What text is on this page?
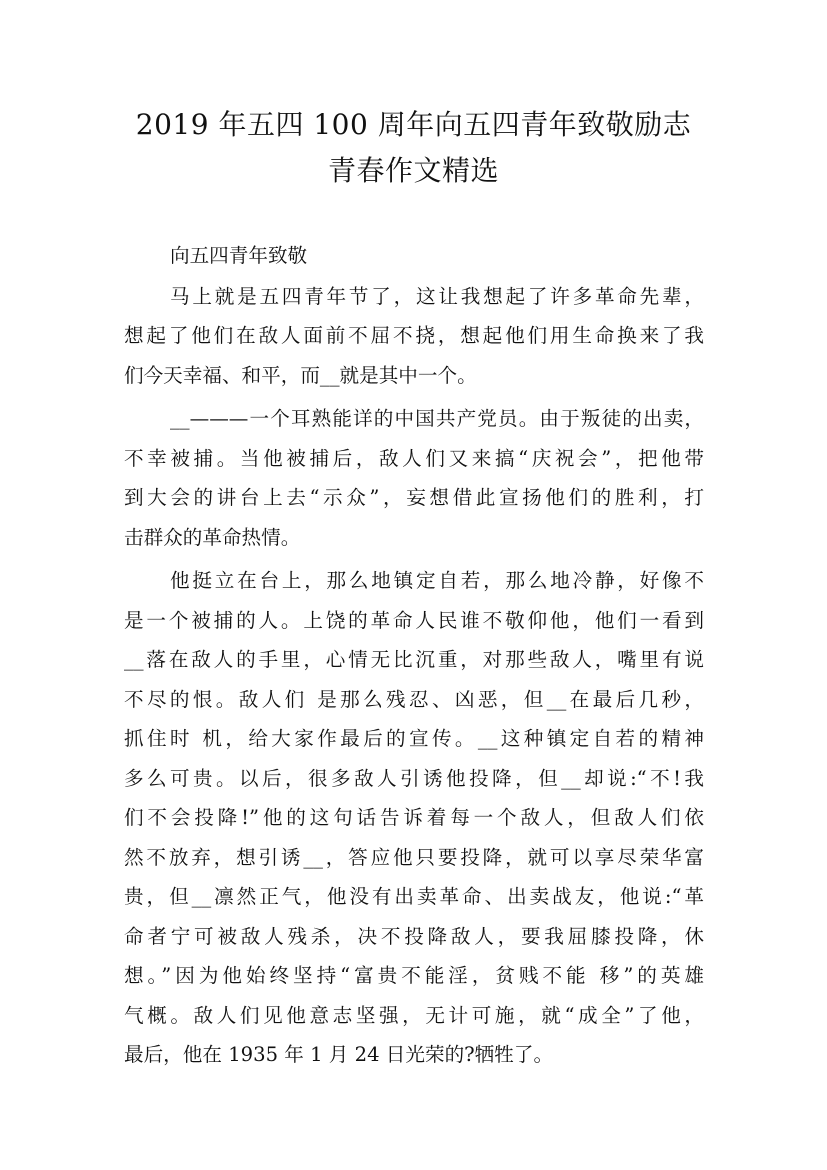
2019 年五四 100 周年向五四青年致敬励志
青春作文精选
向五四青年致敬
马上就是五四青年节了，这让我想起了许多革命先辈，
想起了他们在敌人面前不屈不挠，想起他们用生命换来了我
们今天幸福、和平，而__就是其中一个。
__———一个耳熟能详的中国共产党员。由于叛徒的出卖，
不幸被捕。当他被捕后，敌人们又来搞“庆祝会”，把他带
到大会的讲台上去“示众”，妄想借此宣扬他们的胜利，打
击群众的革命热情。
他挺立在台上，那么地镇定自若，那么地冷静，好像不
是一个被捕的人。上饶的革命人民谁不敬仰他，他们一看到
__落在敌人的手里，心情无比沉重，对那些敌人，嘴里有说
不尽的恨。敌人们 是那么残忍、凶恶，但__在最后几秒，
抓住时 机，给大家作最后的宣传。__这种镇定自若的精神
多么可贵。以后，很多敌人引诱他投降，但__却说:“不!我
们不会投降!”他的这句话告诉着每一个敌人，但敌人们依
然不放弃，想引诱__，答应他只要投降，就可以享尽荣华富
贵，但__凛然正气，他没有出卖革命、出卖战友，他说:“革
命者宁可被敌人残杀，决不投降敌人，要我屈膝投降，休
想。”因为他始终坚持“富贵不能淫，贫贱不能 移”的英雄
气概。敌人们见他意志坚强，无计可施，就“成全”了他，
最后，他在 1935 年 1 月 24 日光荣的?牺牲了。
